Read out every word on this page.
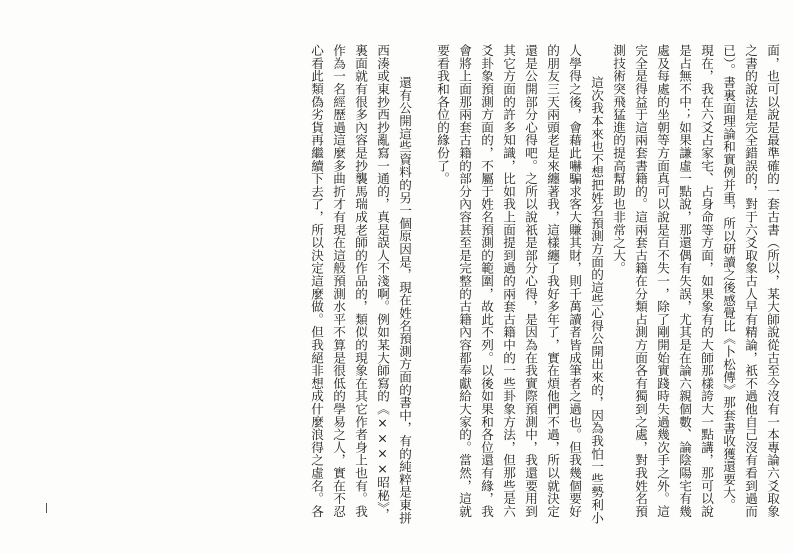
面，也可以說是最準確的一套古書（所以，某大師說從古至今沒有一本專論六爻取象
之書的說法是完全錯誤的，對于六爻取象古人早有精論，祇不過他自己沒有看到過而
已）。書裏面理論和實例并重，所以研讀之後感覺比《卜松傳》那套書收獲還要大。
現在，我在六爻占家宅、占身命等方面，如果象有的大師那樣誇大一點講，那可以說
是占無不中；如果謙虛一點說，那還偶有失誤，尤其是在論六親個數、論陰陽宅有幾
處及每處的坐朝等方面真可以說是百不失一，除了剛開始實踐時失過幾次手之外。這
完全是得益于這兩套書籍的。這兩套古籍在分類占測方面各有獨到之處，對我姓名預
測技術突飛猛進的提高幫助也非常之大。
這次我本來也不想把姓名預測方面的這些心得公開出來的，因為我怕一些勢利小
人學得之後，會藉此嚇騙求客大賺其財，則千萬讀者皆成筆者之過也。但我幾個要好
的朋友三天兩頭老是來纏著我，這樣纏了我好多年了，實在煩他們不過，所以就決定
還是公開部分心得吧。之所以說祇是部分心得，是因為在我實際預測中，我還要用到
其它方面的許多知識，比如我上面提到過的兩套古籍中的一些卦象方法，但那些是六
爻卦象預測方面的，不屬于姓名預測的範圍，故此不列。以後如果和各位還有緣，我
會將上面那兩套古籍的部分內容甚至是完整的古籍內容都奉獻給大家的。當然，這就
要看我和各位的緣份了。
還有公開這些資料的另一個原因是，現在姓名預測方面的書中，有的純粹是東拼
西湊或東抄西抄亂寫一通的，真是誤人不淺啊。例如某大師寫的《××××昭秘》，
裏面就有很多內容是抄襲馬瑞成老師的作品的，類似的現象在其它作者身上也有。我
作為一名經歷過這麼多曲折才有現在這般預測水平不算是很低的學易之人，實在不忍
心看此類偽劣貨再繼續下去了，所以決定這麼做。但我絕非想成什麼浪得之虛名。各
